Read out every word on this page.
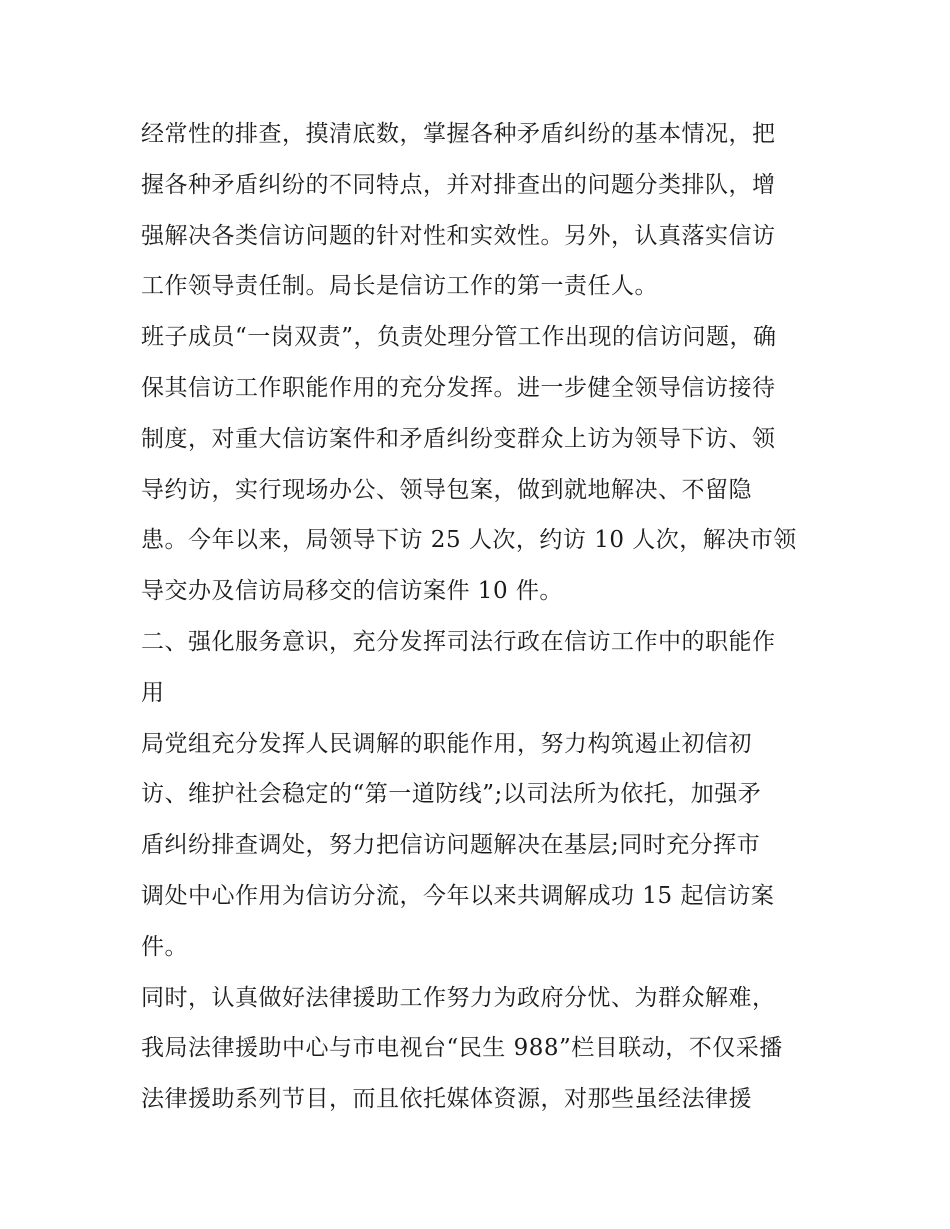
经常性的排查，摸清底数，掌握各种矛盾纠纷的基本情况，把
握各种矛盾纠纷的不同特点，并对排查出的问题分类排队，增
强解决各类信访问题的针对性和实效性。另外，认真落实信访
工作领导责任制。局长是信访工作的第一责任人。
班子成员“一岗双责”，负责处理分管工作出现的信访问题，确
保其信访工作职能作用的充分发挥。进一步健全领导信访接待
制度，对重大信访案件和矛盾纠纷变群众上访为领导下访、领
导约访，实行现场办公、领导包案，做到就地解决、不留隐
患。今年以来，局领导下访 25 人次，约访 10 人次，解决市领
导交办及信访局移交的信访案件 10 件。
二、强化服务意识，充分发挥司法行政在信访工作中的职能作
用
局党组充分发挥人民调解的职能作用，努力构筑遏止初信初
访、维护社会稳定的“第一道防线”;以司法所为依托，加强矛
盾纠纷排查调处，努力把信访问题解决在基层;同时充分挥市
调处中心作用为信访分流，今年以来共调解成功 15 起信访案
件。
同时，认真做好法律援助工作努力为政府分忧、为群众解难，
我局法律援助中心与市电视台“民生 988”栏目联动，不仅采播
法律援助系列节目，而且依托媒体资源，对那些虽经法律援
